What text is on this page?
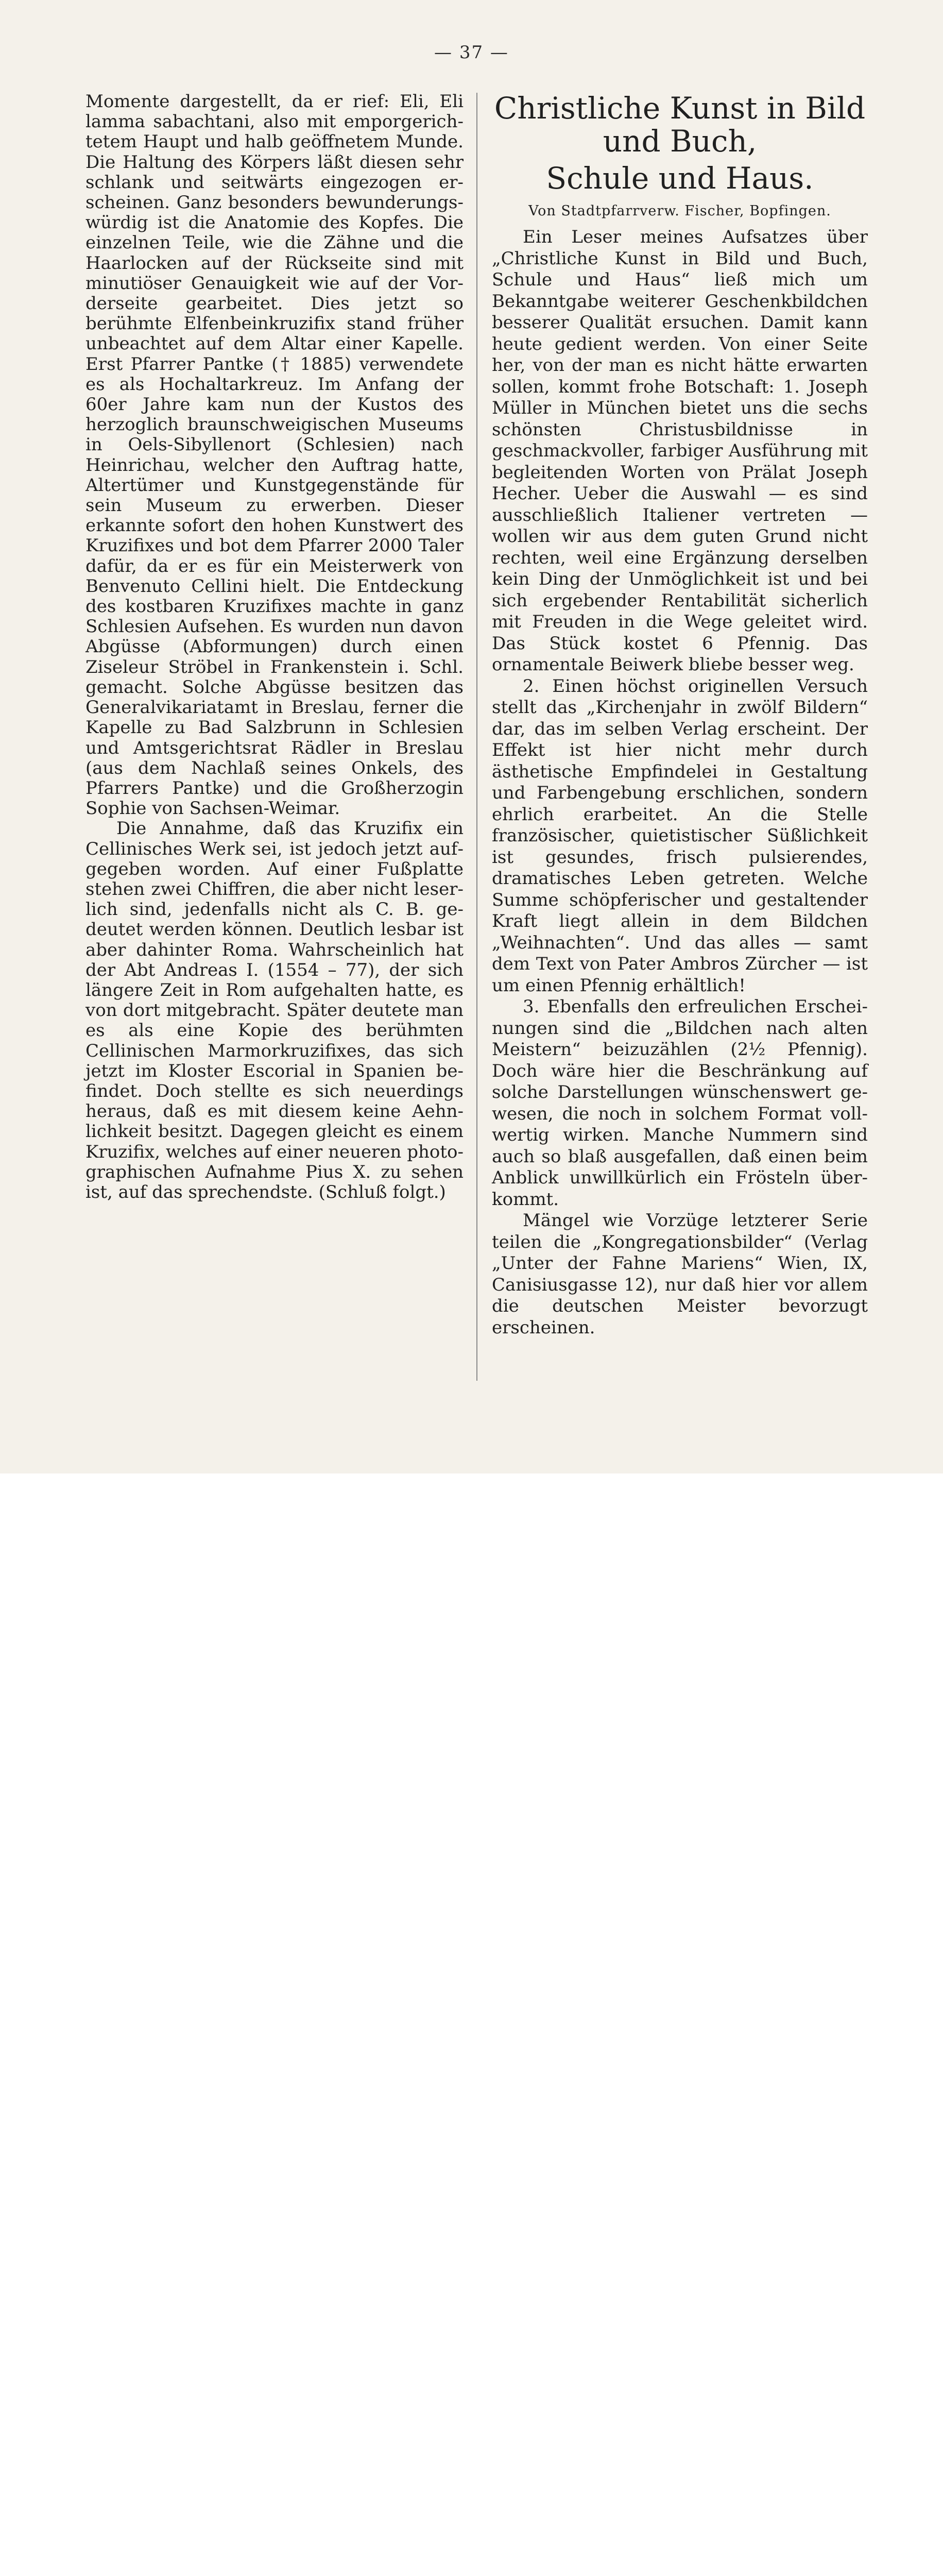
— 37 —

Momente dargestellt, da er rief: Eli, Eli lamma sabachtani, also mit emporgerichtetem Haupt und halb geöffnetem Munde. Die Haltung des Körpers läßt diesen sehr schlank und seitwärts eingezogen erscheinen. Ganz besonders bewunderungswürdig ist die Anatomie des Kopfes. Die einzelnen Teile, wie die Zähne und die Haarlocken auf der Rückseite sind mit minutiöser Genauigkeit wie auf der Vorderseite gearbeitet. Dies jetzt so berühmte Elfenbeinkruzifix stand früher unbeachtet auf dem Altar einer Kapelle. Erst Pfarrer Pantke († 1885) verwendete es als Hochaltarkreuz. Im Anfang der 60er Jahre kam nun der Kustos des herzoglich braunschweigischen Museums in Oels-Sibyllenort (Schlesien) nach Heinrichau, welcher den Auftrag hatte, Altertümer und Kunstgegenstände für sein Museum zu erwerben. Dieser erkannte sofort den hohen Kunstwert des Kruzifixes und bot dem Pfarrer 2000 Taler dafür, da er es für ein Meisterwerk von Benvenuto Cellini hielt. Die Entdeckung des kostbaren Kruzifixes machte in ganz Schlesien Aufsehen. Es wurden nun davon Abgüsse (Abformungen) durch einen Ziseleur Ströbel in Frankenstein i. Schl. gemacht. Solche Abgüsse besitzen das Generalvikariatamt in Breslau, ferner die Kapelle zu Bad Salzbrunn in Schlesien und Amtsgerichtsrat Rädler in Breslau (aus dem Nachlaß seines Onkels, des Pfarrers Pantke) und die Großherzogin Sophie von Sachsen-Weimar.

Die Annahme, daß das Kruzifix ein Cellinisches Werk sei, ist jedoch jetzt aufgegeben worden. Auf einer Fußplatte stehen zwei Chiffren, die aber nicht leserlich sind, jedenfalls nicht als C. B. gedeutet werden können. Deutlich lesbar ist aber dahinter Roma. Wahrscheinlich hat der Abt Andreas I. (1554 – 77), der sich längere Zeit in Rom aufgehalten hatte, es von dort mitgebracht. Später deutete man es als eine Kopie des berühmten Cellinischen Marmorkruzifixes, das sich jetzt im Kloster Escorial in Spanien befindet. Doch stellte es sich neuerdings heraus, daß es mit diesem keine Aehnlichkeit besitzt. Dagegen gleicht es einem Kruzifix, welches auf einer neueren photographischen Aufnahme Pius X. zu sehen ist, auf das sprechendste. (Schluß folgt.)

Christliche Kunst in Bild und Buch,
Schule und Haus.
Von Stadtpfarrverw. Fischer, Bopfingen.

Ein Leser meines Aufsatzes über „Christliche Kunst in Bild und Buch, Schule und Haus“ ließ mich um Bekanntgabe weiterer Geschenkbildchen besserer Qualität ersuchen. Damit kann heute gedient werden. Von einer Seite her, von der man es nicht hätte erwarten sollen, kommt frohe Botschaft: 1. Joseph Müller in München bietet uns die sechs schönsten Christusbildnisse in geschmackvoller, farbiger Ausführung mit begleitenden Worten von Prälat Joseph Hecher. Ueber die Auswahl — es sind ausschließlich Italiener vertreten — wollen wir aus dem guten Grund nicht rechten, weil eine Ergänzung derselben kein Ding der Unmöglichkeit ist und bei sich ergebender Rentabilität sicherlich mit Freuden in die Wege geleitet wird. Das Stück kostet 6 Pfennig. Das ornamentale Beiwerk bliebe besser weg.

2. Einen höchst originellen Versuch stellt das „Kirchenjahr in zwölf Bildern“ dar, das im selben Verlag erscheint. Der Effekt ist hier nicht mehr durch ästhetische Empfindelei in Gestaltung und Farbengebung erschlichen, sondern ehrlich erarbeitet. An die Stelle französischer, quietistischer Süßlichkeit ist gesundes, frisch pulsierendes, dramatisches Leben getreten. Welche Summe schöpferischer und gestaltender Kraft liegt allein in dem Bildchen „Weihnachten“. Und das alles — samt dem Text von Pater Ambros Zürcher — ist um einen Pfennig erhältlich!

3. Ebenfalls den erfreulichen Erscheinungen sind die „Bildchen nach alten Meistern“ beizuzählen (2½ Pfennig). Doch wäre hier die Beschränkung auf solche Darstellungen wünschenswert gewesen, die noch in solchem Format vollwertig wirken. Manche Nummern sind auch so blaß ausgefallen, daß einen beim Anblick unwillkürlich ein Frösteln überkommt.

Mängel wie Vorzüge letzterer Serie teilen die „Kongregationsbilder“ (Verlag „Unter der Fahne Mariens“ Wien, IX, Canisiusgasse 12), nur daß hier vor allem die deutschen Meister bevorzugt erscheinen.
